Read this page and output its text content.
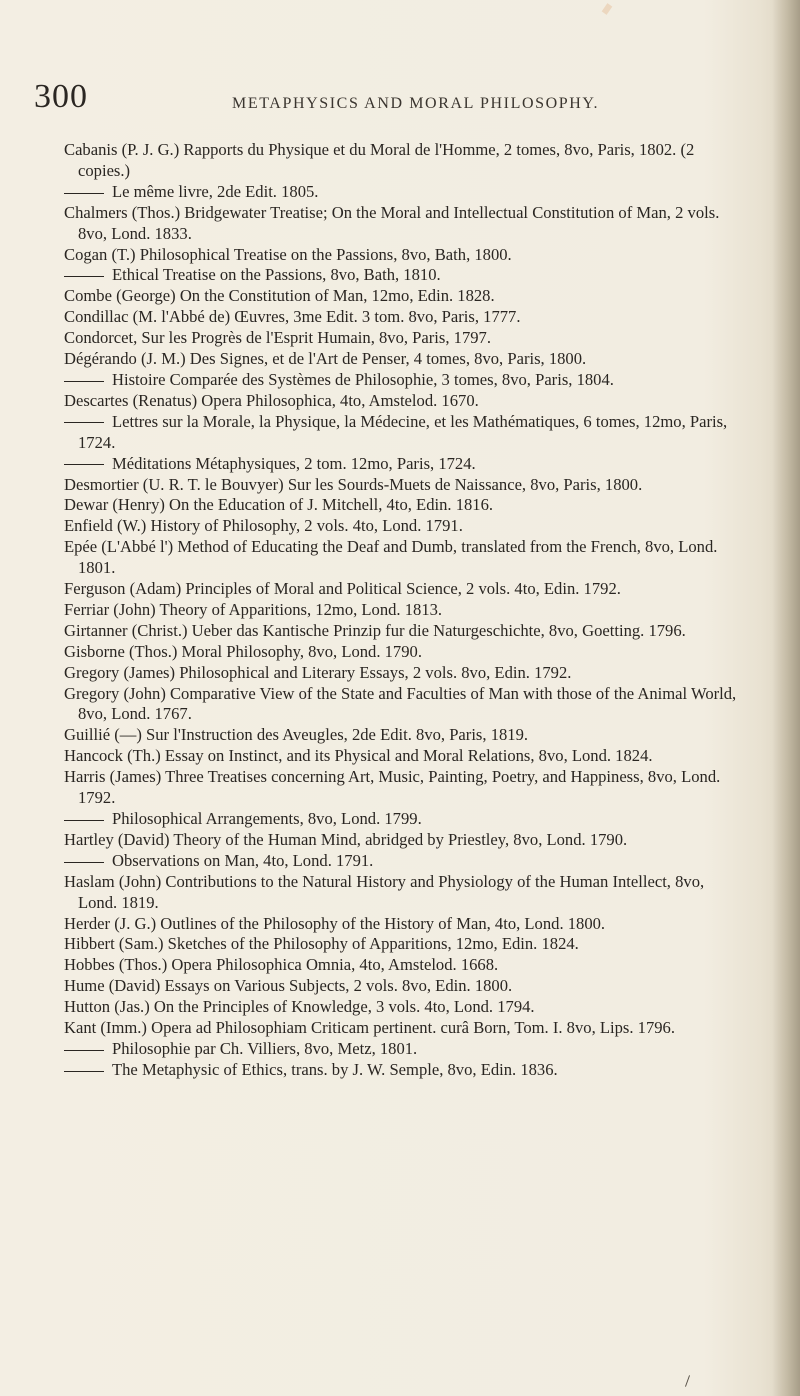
300	METAPHYSICS AND MORAL PHILOSOPHY.

Cabanis (P. J. G.) Rapports du Physique et du Moral de l'Homme, 2 tomes, 8vo, Paris, 1802. (2 copies.)

Le même livre, 2de Edit. 1805.

Chalmers (Thos.) Bridgewater Treatise; On the Moral and Intellectual Constitution of Man, 2 vols. 8vo, Lond. 1833.

Cogan (T.) Philosophical Treatise on the Passions, 8vo, Bath, 1800.

Ethical Treatise on the Passions, 8vo, Bath, 1810.

Combe (George) On the Constitution of Man, 12mo, Edin. 1828.

Condillac (M. l'Abbé de) Œuvres, 3me Edit. 3 tom. 8vo, Paris, 1777.

Condorcet, Sur les Progrès de l'Esprit Humain, 8vo, Paris, 1797.

Dégérando (J. M.) Des Signes, et de l'Art de Penser, 4 tomes, 8vo, Paris, 1800.

Histoire Comparée des Systèmes de Philosophie, 3 tomes, 8vo, Paris, 1804.

Descartes (Renatus) Opera Philosophica, 4to, Amstelod. 1670.

Lettres sur la Morale, la Physique, la Médecine, et les Mathématiques, 6 tomes, 12mo, Paris, 1724.

Méditations Métaphysiques, 2 tom. 12mo, Paris, 1724.

Desmortier (U. R. T. le Bouvyer) Sur les Sourds-Muets de Naissance, 8vo, Paris, 1800.

Dewar (Henry) On the Education of J. Mitchell, 4to, Edin. 1816.

Enfield (W.) History of Philosophy, 2 vols. 4to, Lond. 1791.

Epée (L'Abbé l') Method of Educating the Deaf and Dumb, translated from the French, 8vo, Lond. 1801.

Ferguson (Adam) Principles of Moral and Political Science, 2 vols. 4to, Edin. 1792.

Ferriar (John) Theory of Apparitions, 12mo, Lond. 1813.

Girtanner (Christ.) Ueber das Kantische Prinzip fur die Naturgeschichte, 8vo, Goetting. 1796.

Gisborne (Thos.) Moral Philosophy, 8vo, Lond. 1790.

Gregory (James) Philosophical and Literary Essays, 2 vols. 8vo, Edin. 1792.

Gregory (John) Comparative View of the State and Faculties of Man with those of the Animal World, 8vo, Lond. 1767.

Guillié (—) Sur l'Instruction des Aveugles, 2de Edit. 8vo, Paris, 1819.

Hancock (Th.) Essay on Instinct, and its Physical and Moral Relations, 8vo, Lond. 1824.

Harris (James) Three Treatises concerning Art, Music, Painting, Poetry, and Happiness, 8vo, Lond. 1792.

Philosophical Arrangements, 8vo, Lond. 1799.

Hartley (David) Theory of the Human Mind, abridged by Priestley, 8vo, Lond. 1790.

Observations on Man, 4to, Lond. 1791.

Haslam (John) Contributions to the Natural History and Physiology of the Human Intellect, 8vo, Lond. 1819.

Herder (J. G.) Outlines of the Philosophy of the History of Man, 4to, Lond. 1800.

Hibbert (Sam.) Sketches of the Philosophy of Apparitions, 12mo, Edin. 1824.

Hobbes (Thos.) Opera Philosophica Omnia, 4to, Amstelod. 1668.

Hume (David) Essays on Various Subjects, 2 vols. 8vo, Edin. 1800.

Hutton (Jas.) On the Principles of Knowledge, 3 vols. 4to, Lond. 1794.

Kant (Imm.) Opera ad Philosophiam Criticam pertinent. curâ Born, Tom. I. 8vo, Lips. 1796.

Philosophie par Ch. Villiers, 8vo, Metz, 1801.

The Metaphysic of Ethics, trans. by J. W. Semple, 8vo, Edin. 1836.
